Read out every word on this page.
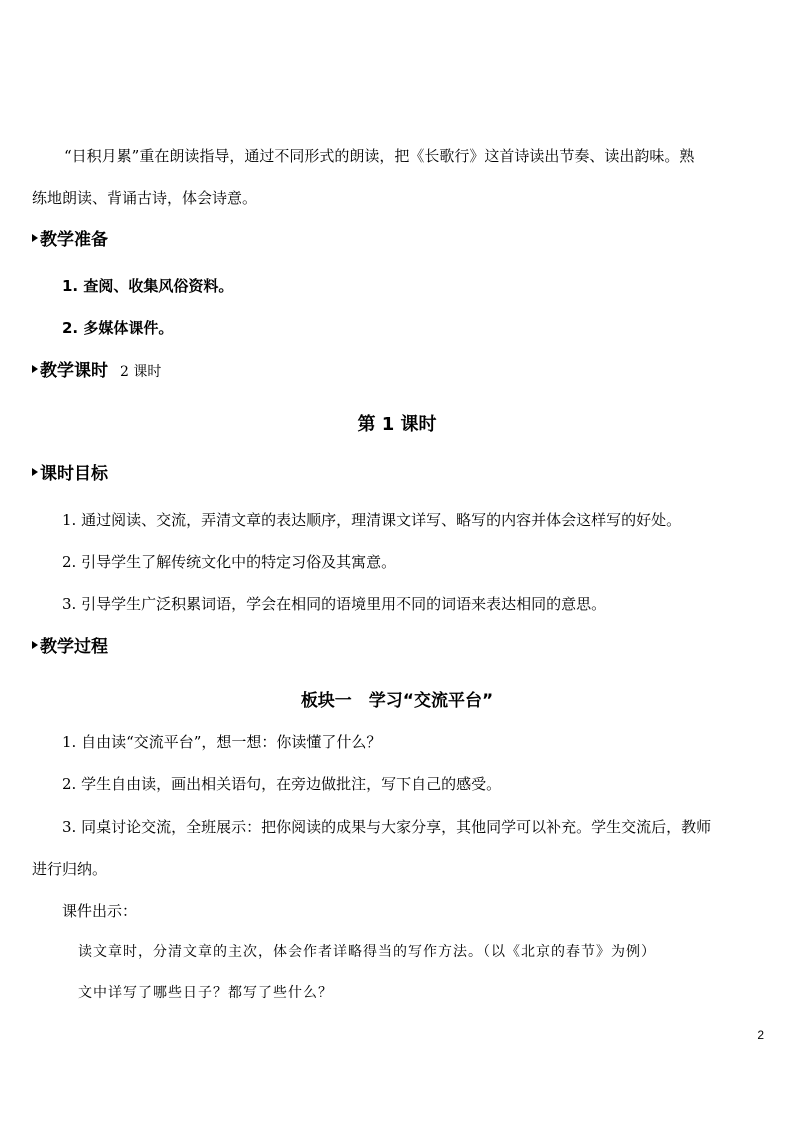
“日积月累”重在朗读指导，通过不同形式的朗读，把《长歌行》这首诗读出节奏、读出韵味。熟
练地朗读、背诵古诗，体会诗意。
教学准备
1. 查阅、收集风俗资料。
2. 多媒体课件。
教学课时 2 课时
第 1 课时
课时目标
1. 通过阅读、交流，弄清文章的表达顺序，理清课文详写、略写的内容并体会这样写的好处。
2. 引导学生了解传统文化中的特定习俗及其寓意。
3. 引导学生广泛积累词语，学会在相同的语境里用不同的词语来表达相同的意思。
教学过程
板块一　学习“交流平台”
1. 自由读“交流平台”，想一想：你读懂了什么？
2. 学生自由读，画出相关语句，在旁边做批注，写下自己的感受。
3. 同桌讨论交流，全班展示：把你阅读的成果与大家分享，其他同学可以补充。学生交流后，教师
进行归纳。
课件出示：
读文章时，分清文章的主次，体会作者详略得当的写作方法。（以《北京的春节》为例）
文中详写了哪些日子？都写了些什么？
2
